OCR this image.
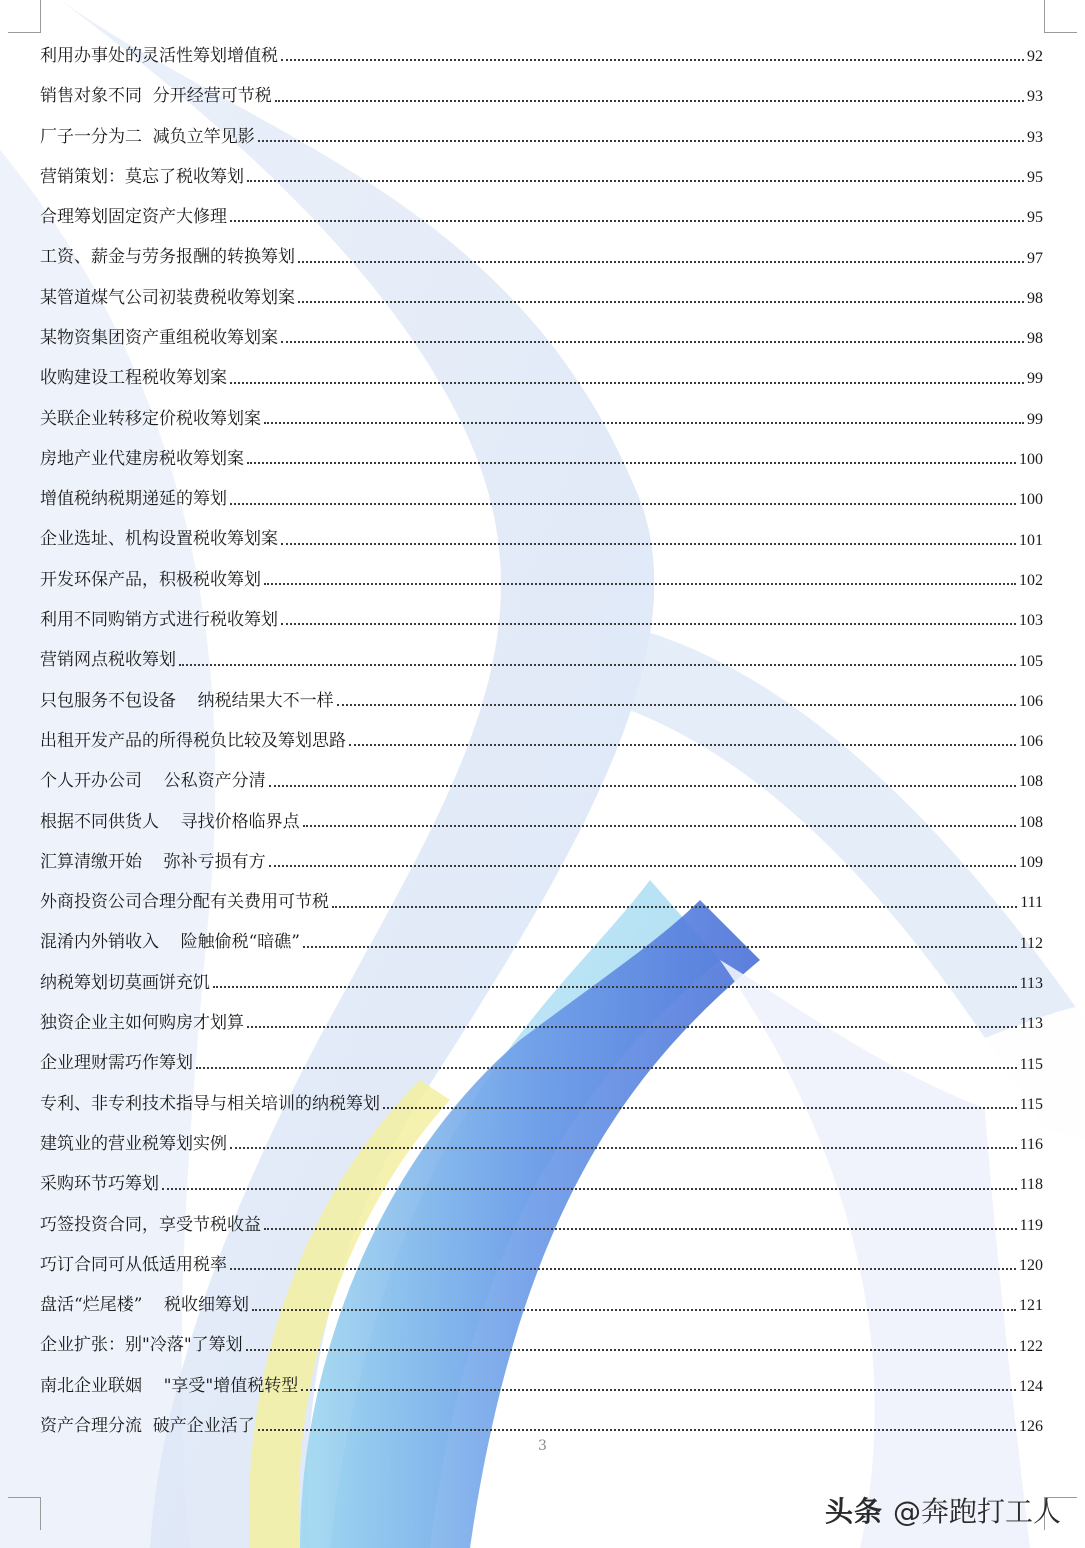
利用办事处的灵活性筹划增值税	92
销售对象不同  分开经营可节税	93
厂子一分为二  减负立竿见影	93
营销策划：莫忘了税收筹划	95
合理筹划固定资产大修理	95
工资、薪金与劳务报酬的转换筹划	97
某管道煤气公司初装费税收筹划案	98
某物资集团资产重组税收筹划案	98
收购建设工程税收筹划案	99
关联企业转移定价税收筹划案	99
房地产业代建房税收筹划案	100
增值税纳税期递延的筹划	100
企业选址、机构设置税收筹划案	101
开发环保产品，积极税收筹划	102
利用不同购销方式进行税收筹划	103
营销网点税收筹划	105
只包服务不包设备    纳税结果大不一样	106
出租开发产品的所得税负比较及筹划思路	106
个人开办公司    公私资产分清	108
根据不同供货人    寻找价格临界点	108
汇算清缴开始    弥补亏损有方	109
外商投资公司合理分配有关费用可节税	111
混淆内外销收入    险触偷税“暗礁”	112
纳税筹划切莫画饼充饥	113
独资企业主如何购房才划算	113
企业理财需巧作筹划	115
专利、非专利技术指导与相关培训的纳税筹划	115
建筑业的营业税筹划实例	116
采购环节巧筹划	118
巧签投资合同，享受节税收益	119
巧订合同可从低适用税率	120
盘活“烂尾楼”    税收细筹划	121
企业扩张：别"冷落"了筹划	122
南北企业联姻    "享受"增值税转型	124
资产合理分流  破产企业活了	126
3
头条 @奔跑打工人
